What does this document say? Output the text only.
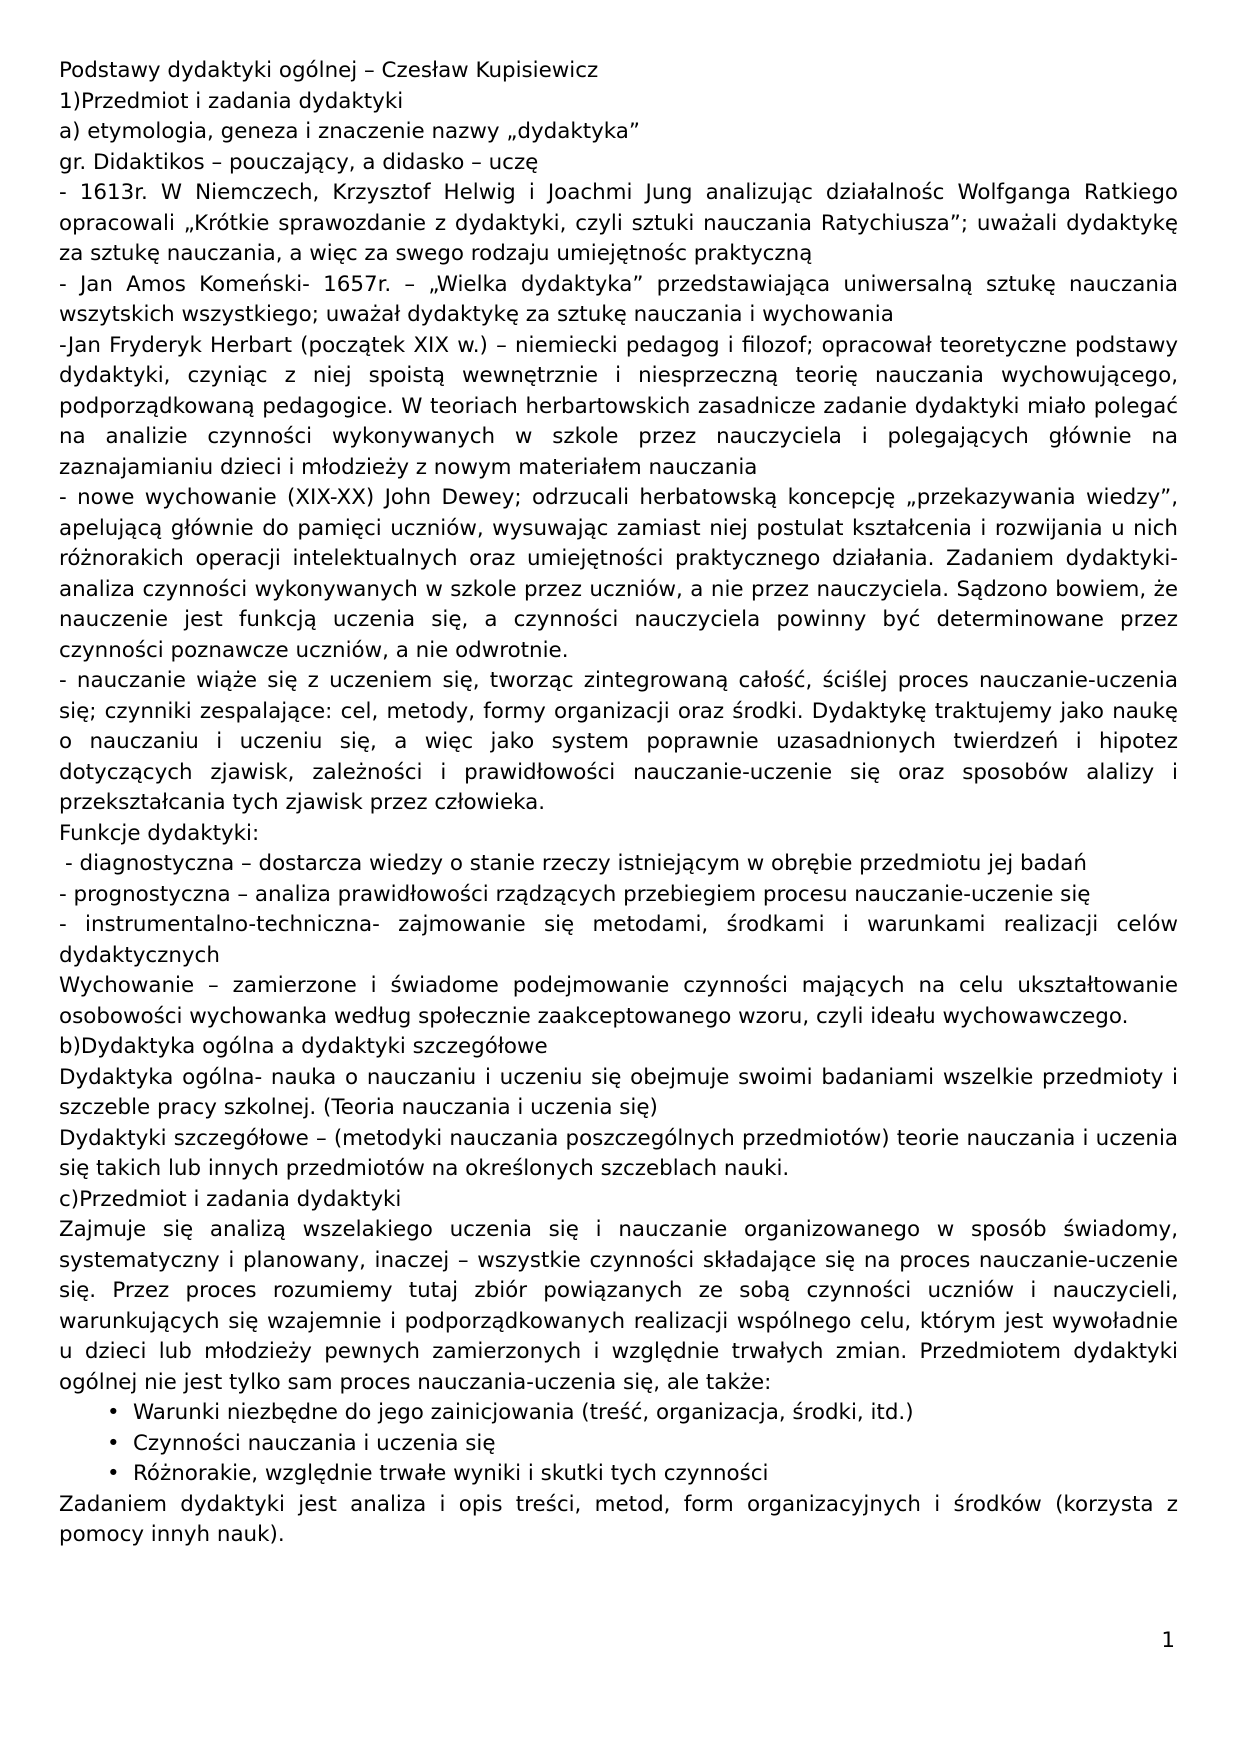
Podstawy dydaktyki ogólnej – Czesław Kupisiewicz

1)Przedmiot i zadania dydaktyki

a) etymologia, geneza i znaczenie nazwy „dydaktyka”

gr. Didaktikos – pouczający, a didasko – uczę

- 1613r. W Niemczech, Krzysztof Helwig i Joachmi Jung analizując działalnośc Wolfganga Ratkiego opracowali „Krótkie sprawozdanie z dydaktyki, czyli sztuki nauczania Ratychiusza”; uważali dydaktykę za sztukę nauczania, a więc za swego rodzaju umiejętnośc praktyczną

- Jan Amos Komeński- 1657r. – „Wielka dydaktyka” przedstawiająca uniwersalną sztukę nauczania wszytskich wszystkiego; uważał dydaktykę za sztukę nauczania i wychowania

-Jan Fryderyk Herbart (początek XIX w.) – niemiecki pedagog i filozof; opracował teoretyczne podstawy dydaktyki, czyniąc z niej spoistą wewnętrznie i niesprzeczną teorię nauczania wychowującego, podporządkowaną pedagogice. W teoriach herbartowskich zasadnicze zadanie dydaktyki miało polegać na analizie czynności wykonywanych w szkole przez nauczyciela i polegających głównie na zaznajamianiu dzieci i młodzieży z nowym materiałem nauczania

- nowe wychowanie (XIX-XX) John Dewey; odrzucali herbatowską koncepcję „przekazywania wiedzy”, apelującą głównie do pamięci uczniów, wysuwając zamiast niej postulat kształcenia i rozwijania u nich różnorakich operacji intelektualnych oraz umiejętności praktycznego działania. Zadaniem dydaktyki- analiza czynności wykonywanych w szkole przez uczniów, a nie przez nauczyciela. Sądzono bowiem, że nauczenie jest funkcją uczenia się, a czynności nauczyciela powinny być determinowane przez czynności poznawcze uczniów, a nie odwrotnie.

- nauczanie wiąże się z uczeniem się, tworząc zintegrowaną całość, ściślej proces nauczanie-uczenia się; czynniki zespalające: cel, metody, formy organizacji oraz środki. Dydaktykę traktujemy jako naukę o nauczaniu i uczeniu się, a więc jako system poprawnie uzasadnionych twierdzeń i hipotez dotyczących zjawisk, zależności i prawidłowości nauczanie-uczenie się oraz sposobów alalizy i przekształcania tych zjawisk przez człowieka.

Funkcje dydaktyki:

- diagnostyczna – dostarcza wiedzy o stanie rzeczy istniejącym w obrębie przedmiotu jej badań

- prognostyczna – analiza prawidłowości rządzących przebiegiem procesu nauczanie-uczenie się

- instrumentalno-techniczna- zajmowanie się metodami, środkami i warunkami realizacji celów dydaktycznych

Wychowanie – zamierzone i świadome podejmowanie czynności mających na celu ukształtowanie osobowości wychowanka według społecznie zaakceptowanego wzoru, czyli ideału wychowawczego.

b)Dydaktyka ogólna a dydaktyki szczegółowe

Dydaktyka ogólna- nauka o nauczaniu i uczeniu się obejmuje swoimi badaniami wszelkie przedmioty i szczeble pracy szkolnej. (Teoria nauczania i uczenia się)

Dydaktyki szczegółowe – (metodyki nauczania poszczególnych przedmiotów) teorie nauczania i uczenia się takich lub innych przedmiotów na określonych szczeblach nauki.

c)Przedmiot i zadania dydaktyki

Zajmuje się analizą wszelakiego uczenia się i nauczanie organizowanego w sposób świadomy, systematyczny i planowany, inaczej – wszystkie czynności składające się na proces nauczanie-uczenie się. Przez proces rozumiemy tutaj zbiór powiązanych ze sobą czynności uczniów i nauczycieli, warunkujących się wzajemnie i podporządkowanych realizacji wspólnego celu, którym jest wywoładnie u dzieci lub młodzieży pewnych zamierzonych i względnie trwałych zmian. Przedmiotem dydaktyki ogólnej nie jest tylko sam proces nauczania-uczenia się, ale także:

• Warunki niezbędne do jego zainicjowania (treść, organizacja, środki, itd.)
• Czynności nauczania i uczenia się
• Różnorakie, względnie trwałe wyniki i skutki tych czynności

Zadaniem dydaktyki jest analiza i opis treści, metod, form organizacyjnych i środków (korzysta z pomocy innyh nauk).

1
